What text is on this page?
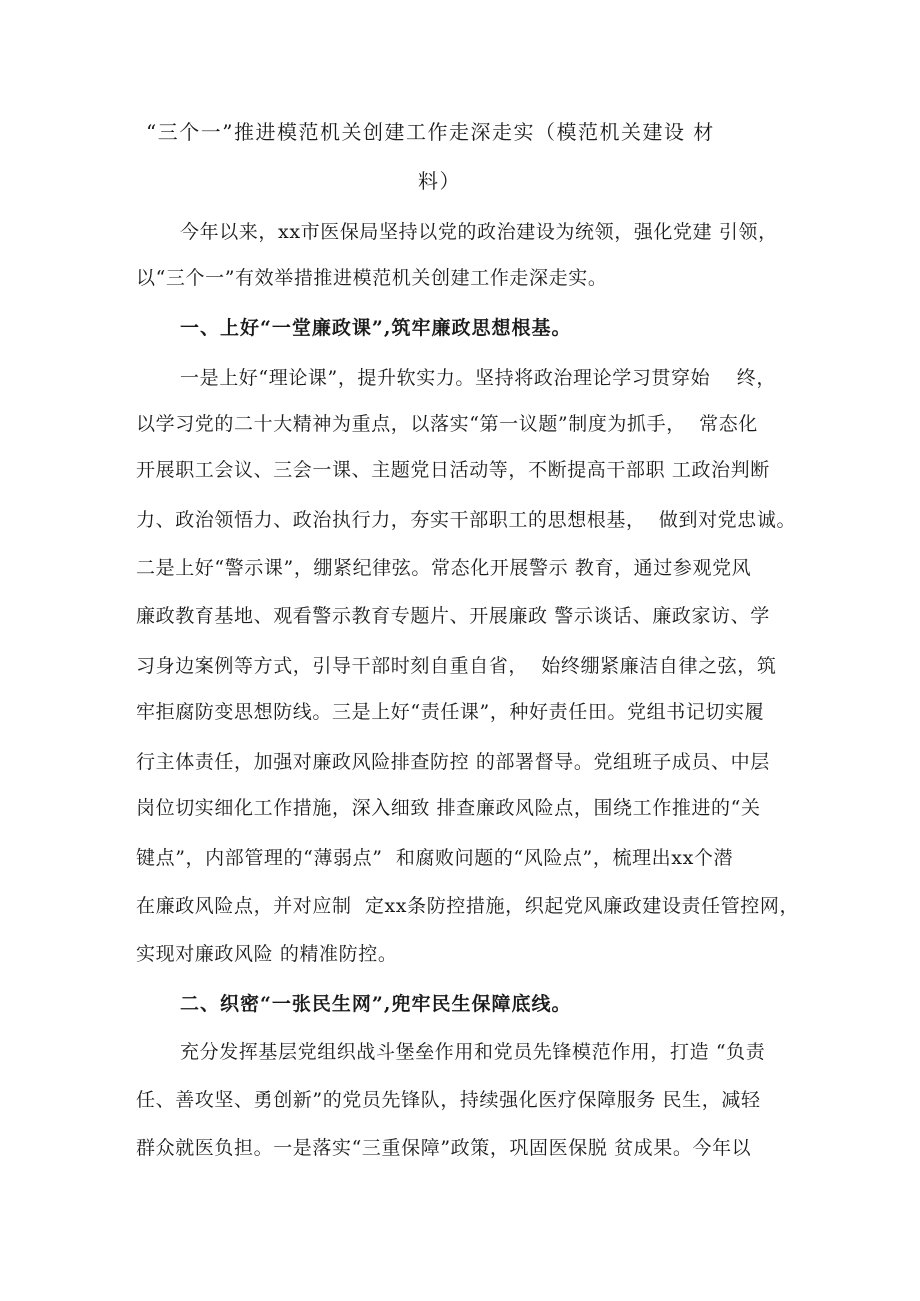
“三个一”推进模范机关创建工作走深走实（模范机关建设 材

料）

今年以来，xx市医保局坚持以党的政治建设为统领，强化党建 引领，

以“三个一”有效举措推进模范机关创建工作走深走实。

一、上好“一堂廉政课”,筑牢廉政思想根基。

一是上好“理论课”，提升软实力。坚持将政治理论学习贯穿始    终，

以学习党的二十大精神为重点，以落实“第一议题”制度为抓手，  常态化

开展职工会议、三会一课、主题党日活动等，不断提高干部职 工政治判断

力、政治领悟力、政治执行力，夯实干部职工的思想根基，  做到对党忠诚。

二是上好“警示课”，绷紧纪律弦。常态化开展警示 教育，通过参观党风

廉政教育基地、观看警示教育专题片、开展廉政 警示谈话、廉政家访、学

习身边案例等方式，引导干部时刻自重自省，  始终绷紧廉洁自律之弦，筑

牢拒腐防变思想防线。三是上好“责任课”，种好责任田。党组书记切实履

行主体责任，加强对廉政风险排查防控 的部署督导。党组班子成员、中层

岗位切实细化工作措施，深入细致 排查廉政风险点，围绕工作推进的“关

键点”，内部管理的“薄弱点”  和腐败问题的“风险点”，梳理出xx个潜

在廉政风险点，并对应制  定xx条防控措施，织起党风廉政建设责任管控网，

实现对廉政风险 的精准防控。

二、织密“一张民生网”,兜牢民生保障底线。

充分发挥基层党组织战斗堡垒作用和党员先锋模范作用，打造 “负责

任、善攻坚、勇创新”的党员先锋队，持续强化医疗保障服务 民生，减轻

群众就医负担。一是落实“三重保障”政策，巩固医保脱 贫成果。今年以
